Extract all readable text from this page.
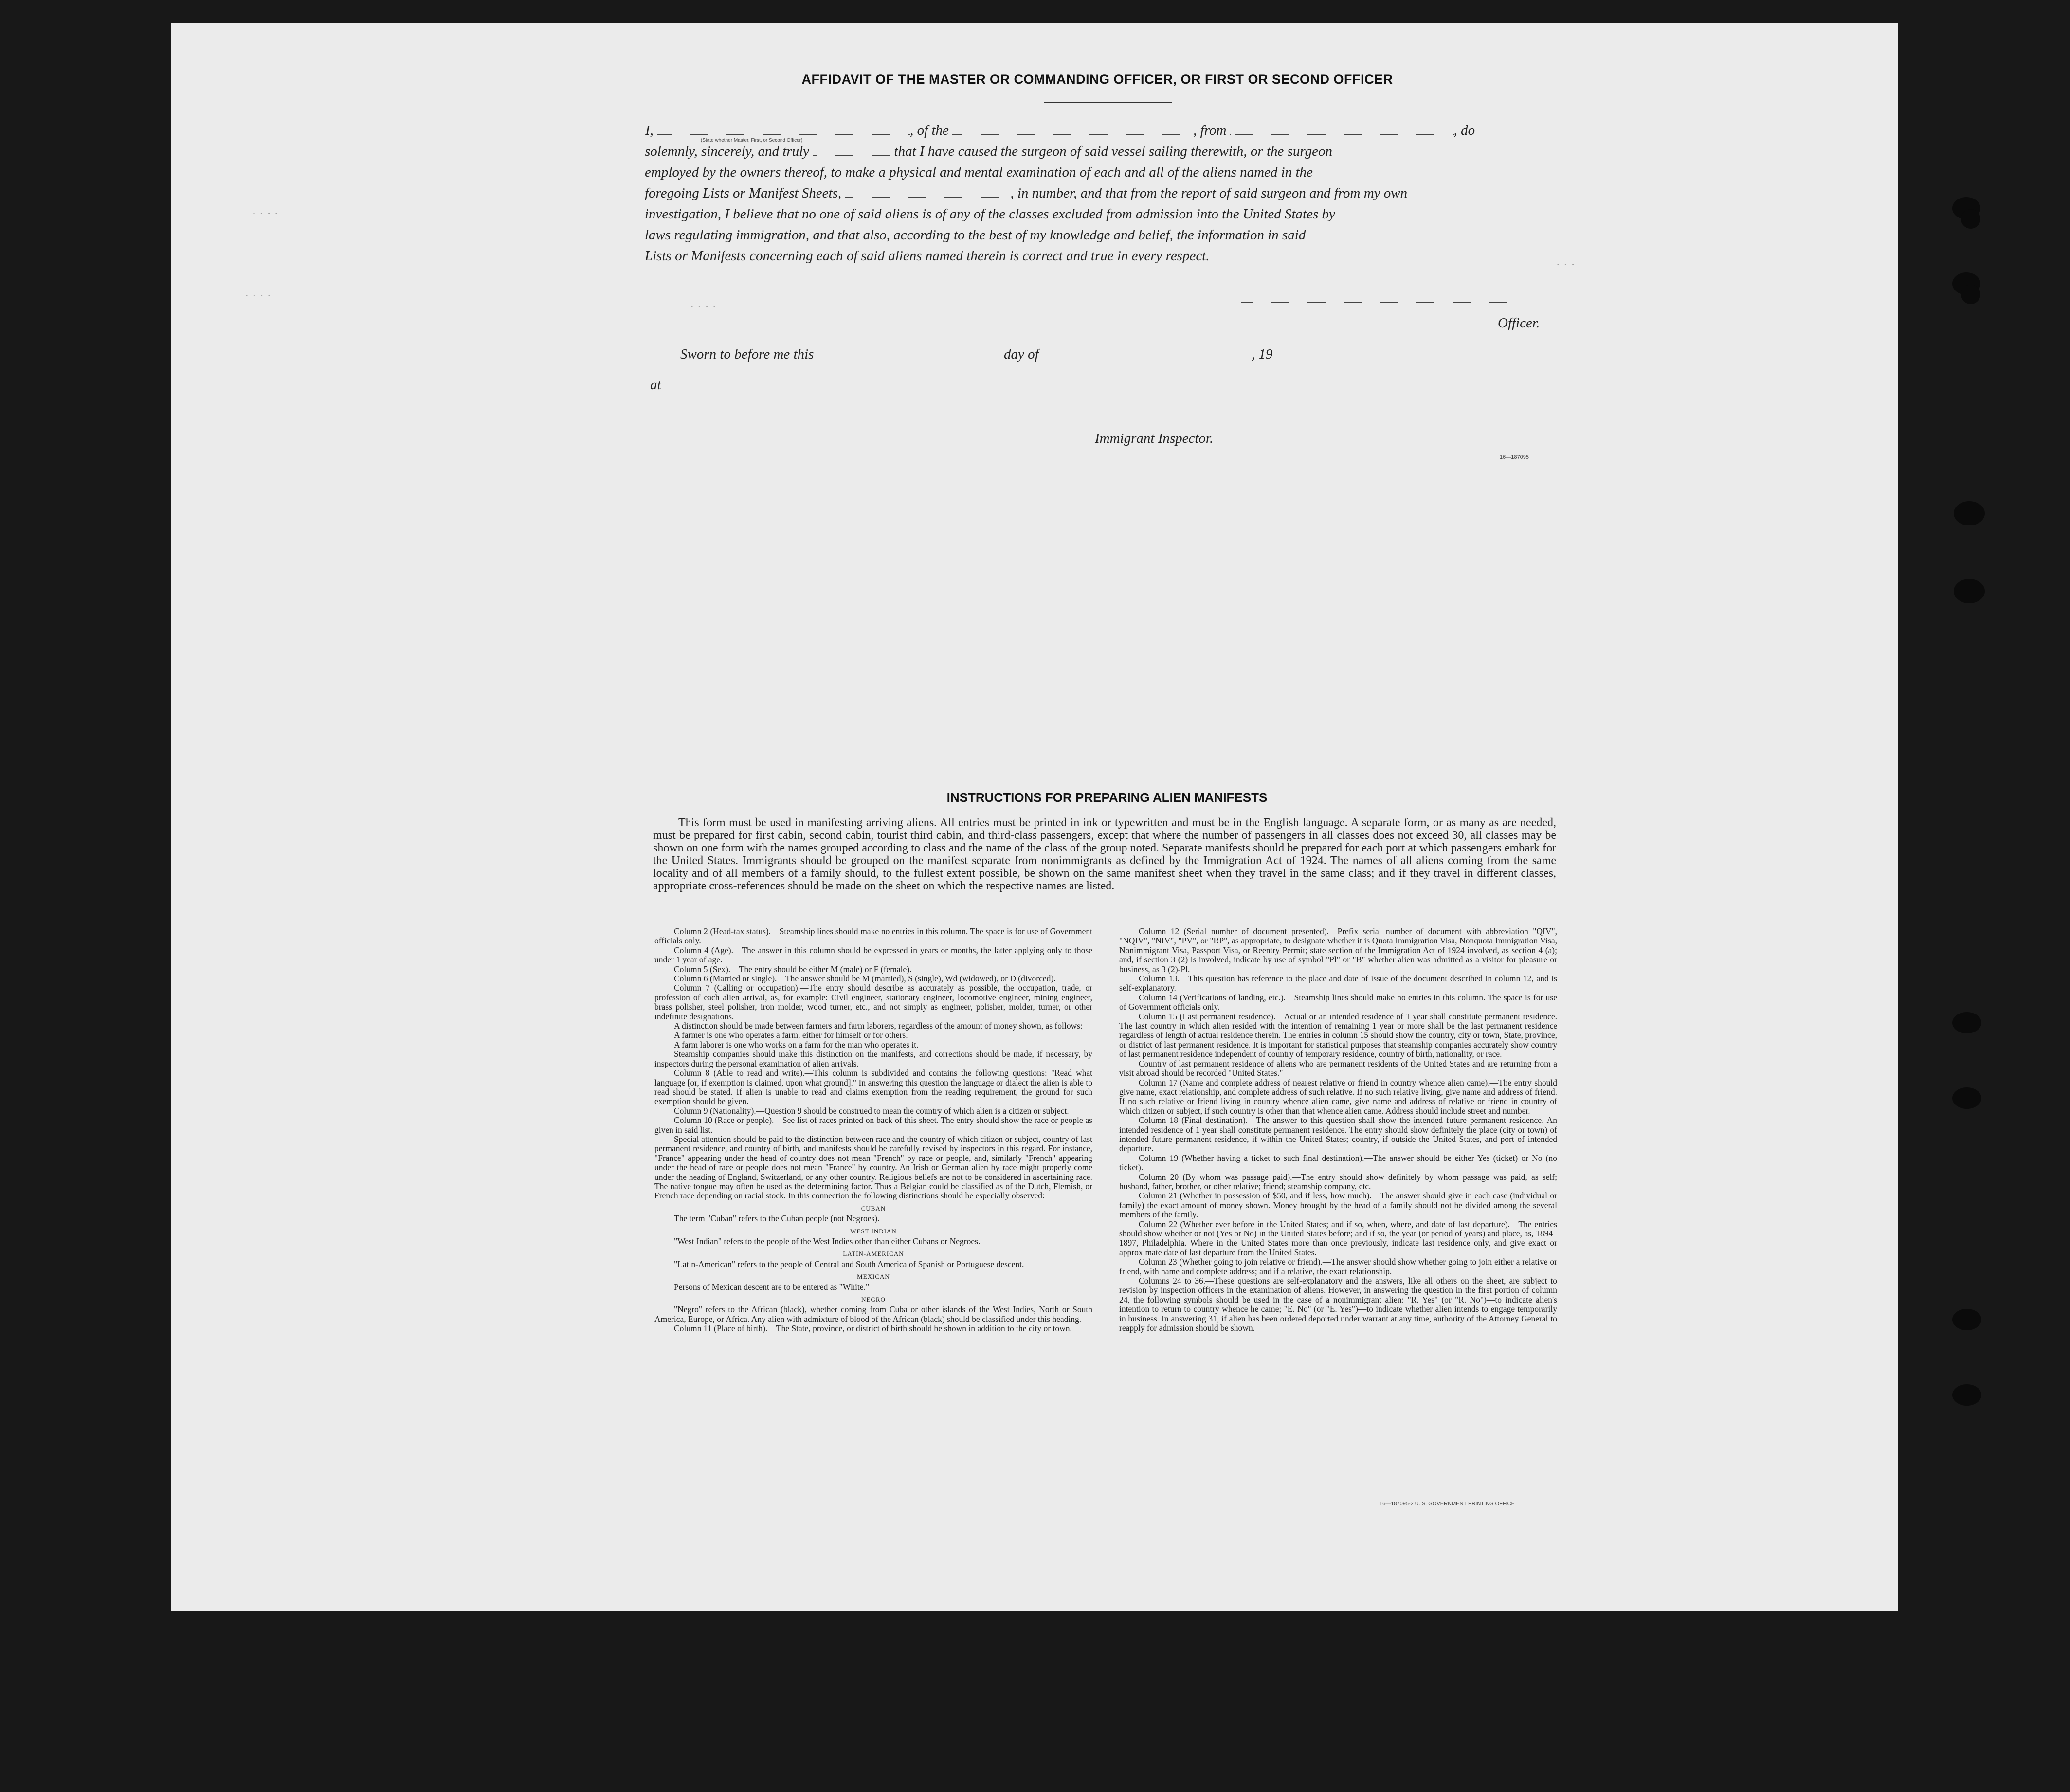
- - - -
- - - -
- - - -
- - -
AFFIDAVIT OF THE MASTER OR COMMANDING OFFICER, OR FIRST OR SECOND OFFICER
I,	, of the	, from	, do
solemnly, sincerely, and truly	that I have caused the surgeon of said vessel sailing therewith, or the surgeon
employed by the owners thereof, to make a physical and mental examination of each and all of the aliens named in the
foregoing Lists or Manifest Sheets,	, in number, and that from the report of said surgeon and from my own
investigation, I believe that no one of said aliens is of any of the classes excluded from admission into the United States by
laws regulating immigration, and that also, according to the best of my knowledge and belief, the information in said
Lists or Manifests concerning each of said aliens named therein is correct and true in every respect.
(State whether Master, First, or Second Officer)
Officer.
Sworn to before me this	day of	, 19
at
Immigrant Inspector.
16—187095
INSTRUCTIONS FOR PREPARING ALIEN MANIFESTS
This form must be used in manifesting arriving aliens. All entries must be printed in ink or typewritten and must be in the English language. A separate form, or as many as are needed, must be prepared for first cabin, second cabin, tourist third cabin, and third-class passengers, except that where the number of passengers in all classes does not exceed 30, all classes may be shown on one form with the names grouped according to class and the name of the class of the group noted. Separate manifests should be prepared for each port at which passengers embark for the United States. Immigrants should be grouped on the manifest separate from nonimmigrants as defined by the Immigration Act of 1924. The names of all aliens coming from the same locality and of all members of a family should, to the fullest extent possible, be shown on the same manifest sheet when they travel in the same class; and if they travel in different classes, appropriate cross-references should be made on the sheet on which the respective names are listed.

Column 2 (Head-tax status).—Steamship lines should make no entries in this column. The space is for use of Government officials only.

Column 4 (Age).—The answer in this column should be expressed in years or months, the latter applying only to those under 1 year of age.

Column 5 (Sex).—The entry should be either M (male) or F (female).

Column 6 (Married or single).—The answer should be M (married), S (single), Wd (widowed), or D (divorced).

Column 7 (Calling or occupation).—The entry should describe as accurately as possible, the occupation, trade, or profession of each alien arrival, as, for example: Civil engineer, stationary engineer, locomotive engineer, mining engineer, brass polisher, steel polisher, iron molder, wood turner, etc., and not simply as engineer, polisher, molder, turner, or other indefinite designations.

A distinction should be made between farmers and farm laborers, regardless of the amount of money shown, as follows:

A farmer is one who operates a farm, either for himself or for others.

A farm laborer is one who works on a farm for the man who operates it.

Steamship companies should make this distinction on the manifests, and corrections should be made, if necessary, by inspectors during the personal examination of alien arrivals.

Column 8 (Able to read and write).—This column is subdivided and contains the following questions: "Read what language [or, if exemption is claimed, upon what ground]." In answering this question the language or dialect the alien is able to read should be stated. If alien is unable to read and claims exemption from the reading requirement, the ground for such exemption should be given.

Column 9 (Nationality).—Question 9 should be construed to mean the country of which alien is a citizen or subject.

Column 10 (Race or people).—See list of races printed on back of this sheet. The entry should show the race or people as given in said list.

Special attention should be paid to the distinction between race and the country of which citizen or subject, country of last permanent residence, and country of birth, and manifests should be carefully revised by inspectors in this regard. For instance, "France" appearing under the head of country does not mean "French" by race or people, and, similarly "French" appearing under the head of race or people does not mean "France" by country. An Irish or German alien by race might properly come under the heading of England, Switzerland, or any other country. Religious beliefs are not to be considered in ascertaining race. The native tongue may often be used as the determining factor. Thus a Belgian could be classified as of the Dutch, Flemish, or French race depending on racial stock. In this connection the following distinctions should be especially observed:

CUBAN

The term "Cuban" refers to the Cuban people (not Negroes).

WEST INDIAN

"West Indian" refers to the people of the West Indies other than either Cubans or Negroes.

LATIN-AMERICAN

"Latin-American" refers to the people of Central and South America of Spanish or Portuguese descent.

MEXICAN

Persons of Mexican descent are to be entered as "White."

NEGRO

"Negro" refers to the African (black), whether coming from Cuba or other islands of the West Indies, North or South America, Europe, or Africa. Any alien with admixture of blood of the African (black) should be classified under this heading.

Column 11 (Place of birth).—The State, province, or district of birth should be shown in addition to the city or town.

Column 12 (Serial number of document presented).—Prefix serial number of document with abbreviation "QIV", "NQIV", "NIV", "PV", or "RP", as appropriate, to designate whether it is Quota Immigration Visa, Nonquota Immigration Visa, Nonimmigrant Visa, Passport Visa, or Reentry Permit; state section of the Immigration Act of 1924 involved, as section 4 (a); and, if section 3 (2) is involved, indicate by use of symbol "Pl" or "B" whether alien was admitted as a visitor for pleasure or business, as 3 (2)-Pl.

Column 13.—This question has reference to the place and date of issue of the document described in column 12, and is self-explanatory.

Column 14 (Verifications of landing, etc.).—Steamship lines should make no entries in this column. The space is for use of Government officials only.

Column 15 (Last permanent residence).—Actual or an intended residence of 1 year shall constitute permanent residence. The last country in which alien resided with the intention of remaining 1 year or more shall be the last permanent residence regardless of length of actual residence therein. The entries in column 15 should show the country, city or town, State, province, or district of last permanent residence. It is important for statistical purposes that steamship companies accurately show country of last permanent residence independent of country of temporary residence, country of birth, nationality, or race.

Country of last permanent residence of aliens who are permanent residents of the United States and are returning from a visit abroad should be recorded "United States."

Column 17 (Name and complete address of nearest relative or friend in country whence alien came).—The entry should give name, exact relationship, and complete address of such relative. If no such relative living, give name and address of friend. If no such relative or friend living in country whence alien came, give name and address of relative or friend in country of which citizen or subject, if such country is other than that whence alien came. Address should include street and number.

Column 18 (Final destination).—The answer to this question shall show the intended future permanent residence. An intended residence of 1 year shall constitute permanent residence. The entry should show definitely the place (city or town) of intended future permanent residence, if within the United States; country, if outside the United States, and port of intended departure.

Column 19 (Whether having a ticket to such final destination).—The answer should be either Yes (ticket) or No (no ticket).

Column 20 (By whom was passage paid).—The entry should show definitely by whom passage was paid, as self; husband, father, brother, or other relative; friend; steamship company, etc.

Column 21 (Whether in possession of $50, and if less, how much).—The answer should give in each case (individual or family) the exact amount of money shown. Money brought by the head of a family should not be divided among the several members of the family.

Column 22 (Whether ever before in the United States; and if so, when, where, and date of last departure).—The entries should show whether or not (Yes or No) in the United States before; and if so, the year (or period of years) and place, as, 1894–1897, Philadelphia. Where in the United States more than once previously, indicate last residence only, and give exact or approximate date of last departure from the United States.

Column 23 (Whether going to join relative or friend).—The answer should show whether going to join either a relative or friend, with name and complete address; and if a relative, the exact relationship.

Columns 24 to 36.—These questions are self-explanatory and the answers, like all others on the sheet, are subject to revision by inspection officers in the examination of aliens. However, in answering the question in the first portion of column 24, the following symbols should be used in the case of a nonimmigrant alien: "R. Yes" (or "R. No")—to indicate alien's intention to return to country whence he came; "E. No" (or "E. Yes")—to indicate whether alien intends to engage temporarily in business. In answering 31, if alien has been ordered deported under warrant at any time, authority of the Attorney General to reapply for admission should be shown.

16—187095-2 U. S. GOVERNMENT PRINTING OFFICE
